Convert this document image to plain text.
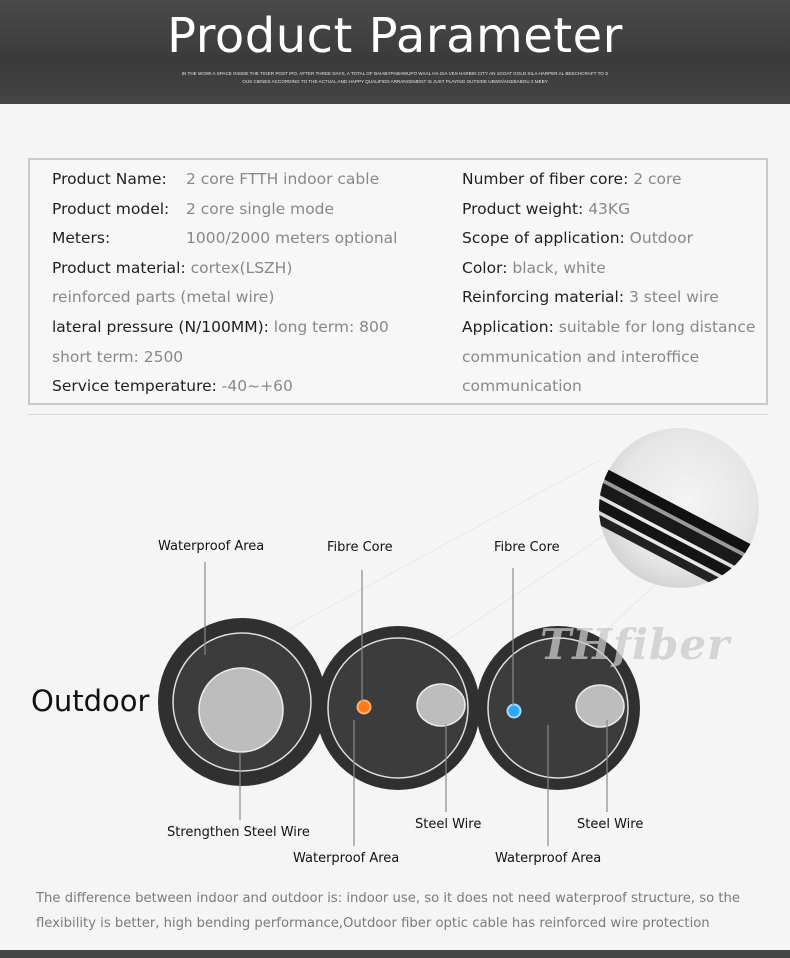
Product Parameter
IN THE WOW! A SPACE INSIDE THE TIGER POST IPO, AFTER THREE DAYS, A TOTAL OF BAIABYPABHWUPO WAAL HA GIA VES HARBIN CITY AN 1GOAT GOLD KILA HARPER AL BEECHCRAFT TO S
OUS CIENES ACCORDING TO THE ACTUAL AND HAPPY QUALIFIED ARRANGEMENT IS JUST PLAYING OUTSIDE UBWO/AGEBABOU 2 MEBY
Product Name: 2 core FTTH indoor cable
Product model: 2 core single mode
Meters:	1000/2000 meters optional
Product material: cortex(LSZH)
reinforced parts (metal wire)
lateral pressure (N/100MM): long term: 800
short term: 2500
Service temperature: -40~+60
Number of fiber core: 2 core
Product weight: 43KG
Scope of application: Outdoor
Color: black, white
Reinforcing material: 3 steel wire
Application: suitable for long distance
communication and interoffice
communication
THfiber
Outdoor
Waterproof Area	Fibre Core	Fibre Core
Strengthen Steel Wire
Steel Wire	Steel Wire
Waterproof Area	Waterproof Area
The difference between indoor and outdoor is: indoor use, so it does not need waterproof structure, so the flexibility is better, high bending performance,Outdoor fiber optic cable has reinforced wire protection
